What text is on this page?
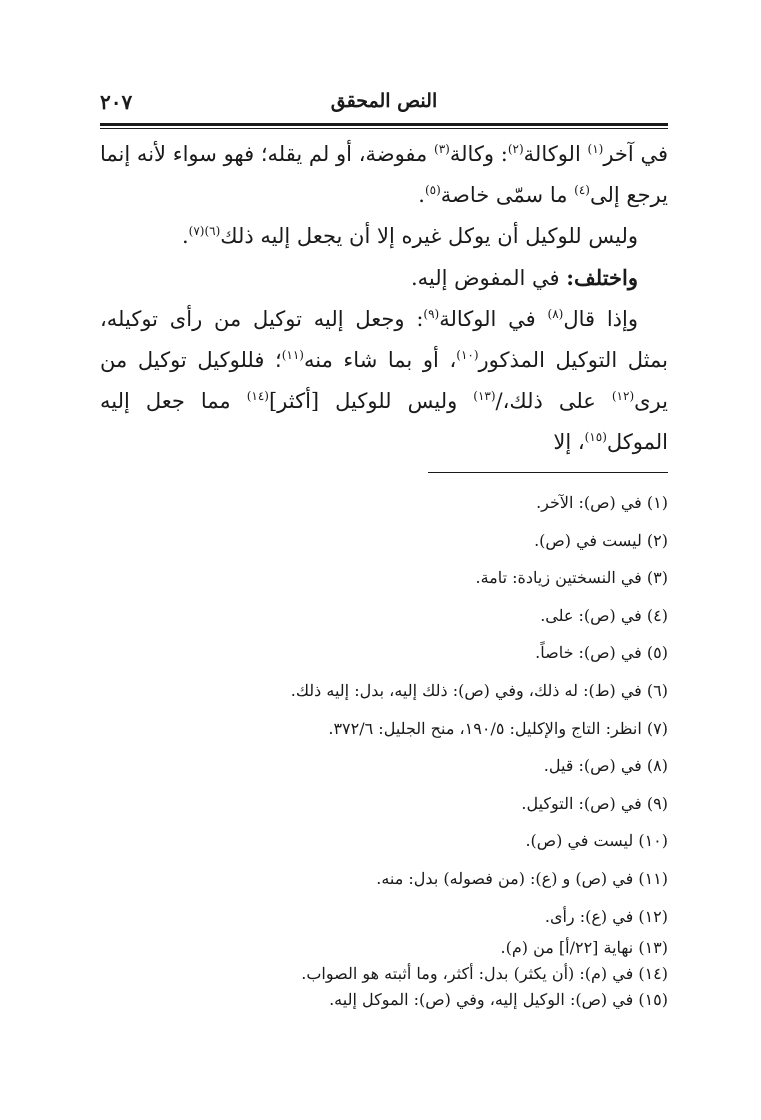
النص المحقق
٢٠٧

في آخر$^{(١)}$ الوكالة$^{(٢)}$: وكالة$^{(٣)}$ مفوضة، أو لم يقله؛ فهو سواء لأنه إنما يرجع إلى$^{(٤)}$ ما سمّى خاصة$^{(٥)}$.

وليس للوكيل أن يوكل غيره إلا أن يجعل إليه ذلك$^{(٦)(٧)}$.

واختلف: في المفوض إليه.

وإذا قال$^{(٨)}$ في الوكالة$^{(٩)}$: وجعل إليه توكيل من رأى توكيله، بمثل التوكيل المذكور$^{(١٠)}$، أو بما شاء منه$^{(١١)}$؛ فللوكيل توكيل من يرى$^{(١٢)}$ على ذلك،/$^{(١٣)}$ وليس للوكيل [أكثر]$^{(١٤)}$ مما جعل إليه الموكل$^{(١٥)}$، إلا

(١) في (ص): الآخر.
(٢) ليست في (ص).
(٣) في النسختين زيادة: تامة.
(٤) في (ص): على.
(٥) في (ص): خاصاً.
(٦) في (ط): له ذلك، وفي (ص): ذلك إليه، بدل: إليه ذلك.
(٧) انظر: التاج والإكليل: ١٩٠/٥، منح الجليل: ٣٧٢/٦.
(٨) في (ص): قيل.
(٩) في (ص): التوكيل.
(١٠) ليست في (ص).
(١١) في (ص) و (ع): (من فصوله) بدل: منه.
(١٢) في (ع): رأى.
(١٣) نهاية [٢٢/أ] من (م).
(١٤) في (م): (أن يكثر) بدل: أكثر، وما أثبته هو الصواب.
(١٥) في (ص): الوكيل إليه، وفي (ص): الموكل إليه.
